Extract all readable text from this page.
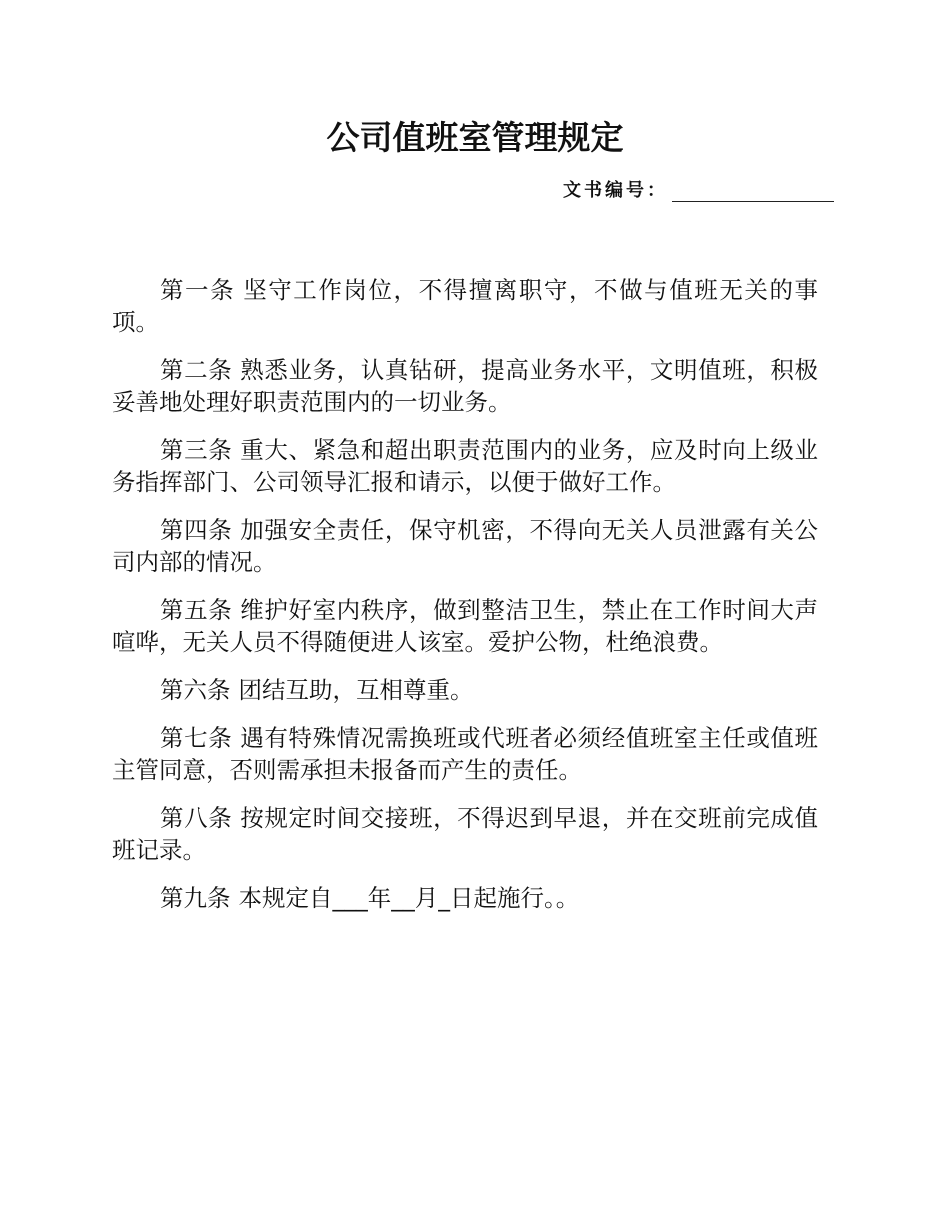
公司值班室管理规定
文书编号：

第一条 坚守工作岗位，不得擅离职守，不做与值班无关的事项。

第二条 熟悉业务，认真钻研，提高业务水平，文明值班，积极妥善地处理好职责范围内的一切业务。

第三条 重大、紧急和超出职责范围内的业务，应及时向上级业务指挥部门、公司领导汇报和请示，以便于做好工作。

第四条 加强安全责任，保守机密，不得向无关人员泄露有关公司内部的情况。

第五条 维护好室内秩序，做到整洁卫生，禁止在工作时间大声喧哗，无关人员不得随便进人该室。爱护公物，杜绝浪费。

第六条 团结互助，互相尊重。

第七条 遇有特殊情况需换班或代班者必须经值班室主任或值班主管同意，否则需承担未报备而产生的责任。

第八条 按规定时间交接班，不得迟到早退，并在交班前完成值班记录。

第九条 本规定自___年__月_日起施行。。
